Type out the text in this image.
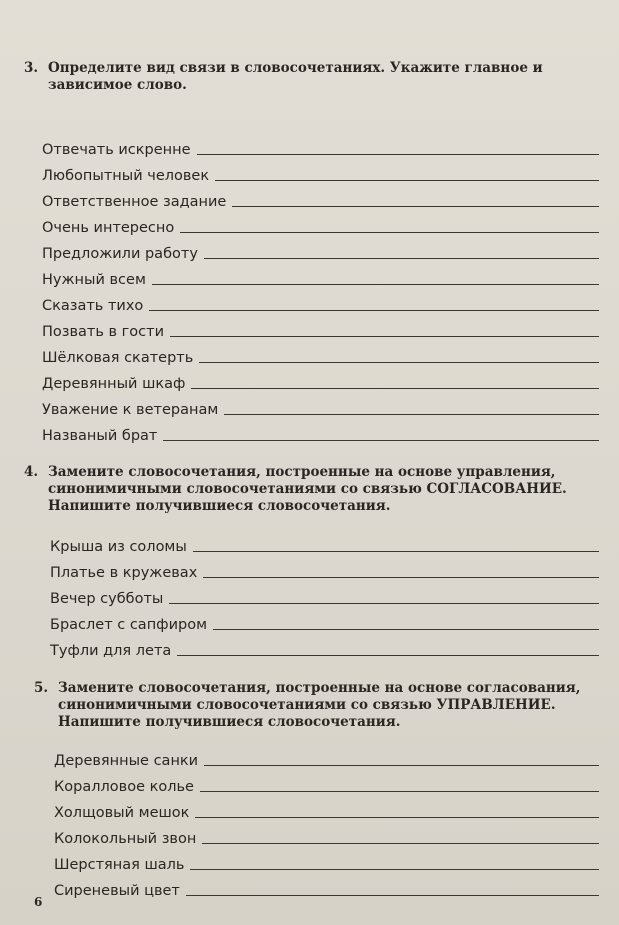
3. Определите вид связи в словосочетаниях. Укажите главное и зависимое слово.
Отвечать искренне
Любопытный человек
Ответственное задание
Очень интересно
Предложили работу
Нужный всем
Сказать тихо
Позвать в гости
Шёлковая скатерть
Деревянный шкаф
Уважение к ветеранам
Названый брат
4. Замените словосочетания, построенные на основе управления, синонимичными словосочетаниями со связью СОГЛАСОВАНИЕ. Напишите получившиеся словосочетания.
Крыша из соломы
Платье в кружевах
Вечер субботы
Браслет с сапфиром
Туфли для лета
5. Замените словосочетания, построенные на основе согласования, синонимичными словосочетаниями со связью УПРАВЛЕНИЕ. Напишите получившиеся словосочетания.
Деревянные санки
Коралловое колье
Холщовый мешок
Колокольный звон
Шерстяная шаль
Сиреневый цвет
6
